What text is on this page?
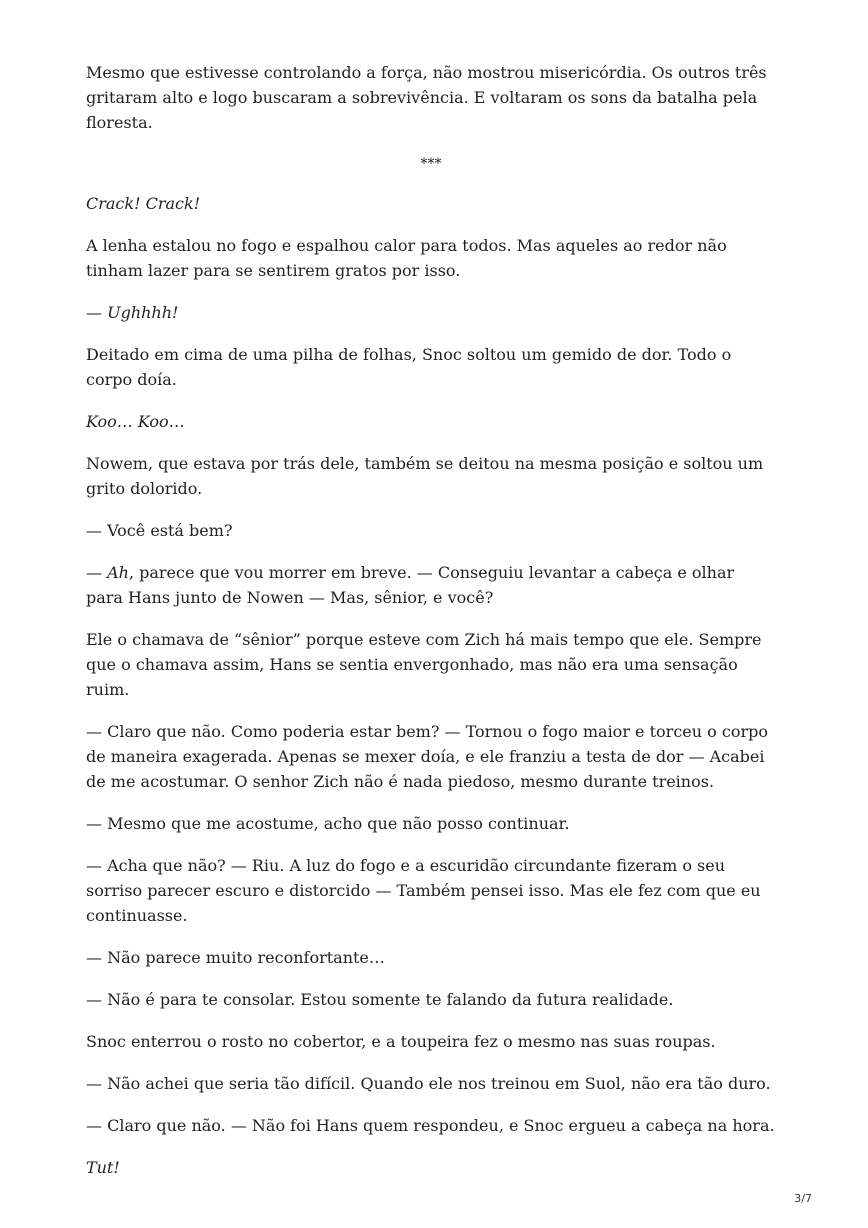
Mesmo que estivesse controlando a força, não mostrou misericórdia. Os outros três gritaram alto e logo buscaram a sobrevivência. E voltaram os sons da batalha pela floresta.

***

Crack! Crack!

A lenha estalou no fogo e espalhou calor para todos. Mas aqueles ao redor não tinham lazer para se sentirem gratos por isso.

— Ughhhh!

Deitado em cima de uma pilha de folhas, Snoc soltou um gemido de dor. Todo o corpo doía.

Koo… Koo…

Nowem, que estava por trás dele, também se deitou na mesma posição e soltou um grito dolorido.

— Você está bem?

— Ah, parece que vou morrer em breve. — Conseguiu levantar a cabeça e olhar para Hans junto de Nowen — Mas, sênior, e você?

Ele o chamava de “sênior” porque esteve com Zich há mais tempo que ele. Sempre que o chamava assim, Hans se sentia envergonhado, mas não era uma sensação ruim.

— Claro que não. Como poderia estar bem? — Tornou o fogo maior e torceu o corpo de maneira exagerada. Apenas se mexer doía, e ele franziu a testa de dor — Acabei de me acostumar. O senhor Zich não é nada piedoso, mesmo durante treinos.

— Mesmo que me acostume, acho que não posso continuar.

— Acha que não? — Riu. A luz do fogo e a escuridão circundante fizeram o seu sorriso parecer escuro e distorcido — Também pensei isso. Mas ele fez com que eu continuasse.

— Não parece muito reconfortante…

— Não é para te consolar. Estou somente te falando da futura realidade.

Snoc enterrou o rosto no cobertor, e a toupeira fez o mesmo nas suas roupas.

— Não achei que seria tão difícil. Quando ele nos treinou em Suol, não era tão duro.

— Claro que não. — Não foi Hans quem respondeu, e Snoc ergueu a cabeça na hora.

Tut!

3/7
